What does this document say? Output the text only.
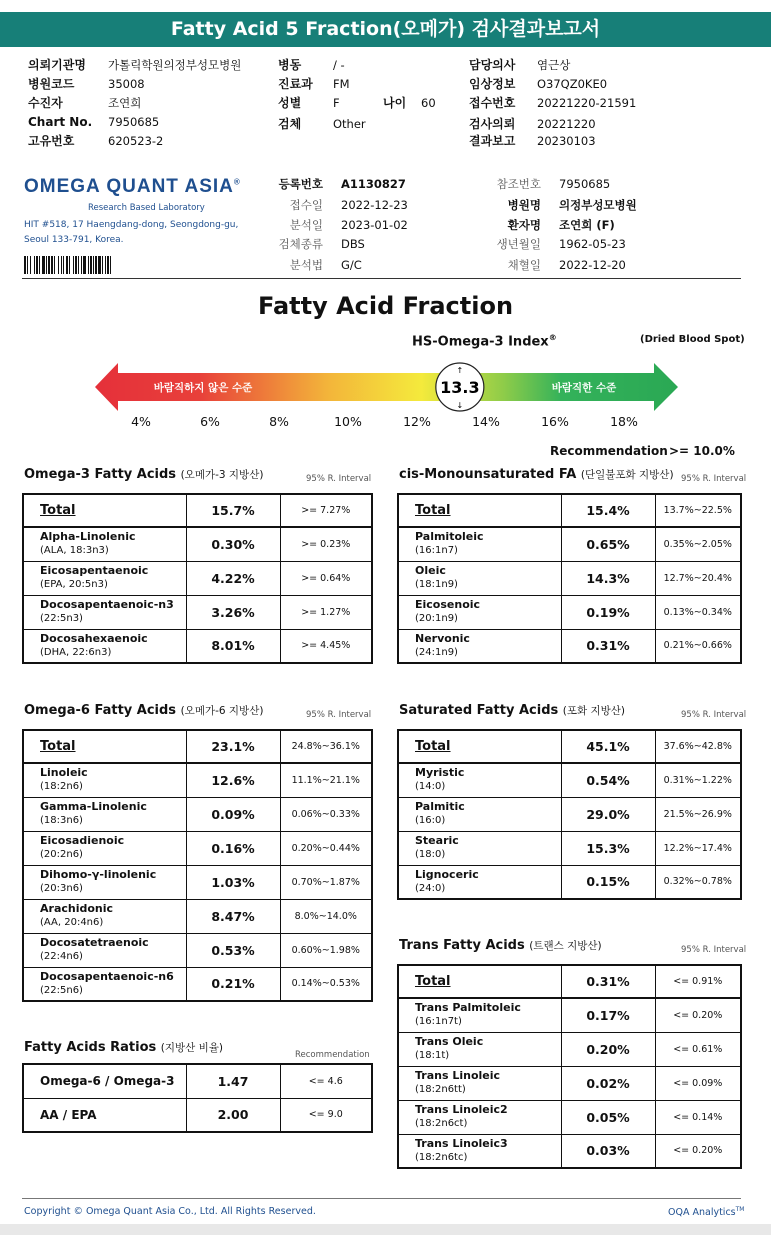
Fatty Acid 5 Fraction(오메가) 검사결과보고서
의뢰기관명 가톨릭학원의정부성모병원
병원코드	35008
수진자	조연희
Chart No. 7950685
고유번호	620523-2
병동	/ -
진료과 FM
성별	F
검체	Other
담당의사 염근상
임상정보 O37QZ0KE0
접수번호 20221220-21591
검사의뢰 20221220
결과보고 20230103
나이 60
OMEGA QUANT ASIA®
Research Based Laboratory
HIT #518, 17 Haengdang-dong, Seongdong-gu,
Seoul 133-791, Korea.
등록번호 A1130827
접수일 2022-12-23
분석일 2023-01-02
검체종류 DBS
분석법 G/C
참조번호 7950685
병원명 의정부성모병원
환자명 조연희 (F)
생년월일 1962-05-23
채혈일 2022-12-20
Fatty Acid Fraction
HS-Omega-3 Index®	(Dried Blood Spot)
바람직하지 않은 수준	바람직한 수준
13.3
↑
↓
4%	6%	8%	10%	12%	14%	16%	18%
Recommendation >= 10.0%
Omega-3 Fatty Acids (오메가-3 지방산)	95% R. Interval
Total	15.7%	>= 7.27%

Alpha-Linolenic
(ALA, 18:3n3)	0.30%	>= 0.23%

Eicosapentaenoic
(EPA, 20:5n3)	4.22%	>= 0.64%

Docosapentaenoic-n3
(22:5n3)	3.26%	>= 1.27%

Docosahexaenoic
(DHA, 22:6n3)	8.01%	>= 4.45%
cis-Monounsaturated FA (단일불포화 지방산) 95% R. Interval
Total	15.4%	13.7%~22.5%

Palmitoleic
(16:1n7)	0.65%	0.35%~2.05%

Oleic
(18:1n9)	14.3%	12.7%~20.4%

Eicosenoic
(20:1n9)	0.19%	0.13%~0.34%

Nervonic
(24:1n9)	0.31%	0.21%~0.66%
Omega-6 Fatty Acids (오메가-6 지방산)	95% R. Interval
Total	23.1%	24.8%~36.1%

Linoleic
(18:2n6)	12.6%	11.1%~21.1%

Gamma-Linolenic
(18:3n6)	0.09%	0.06%~0.33%

Eicosadienoic
(20:2n6)	0.16%	0.20%~0.44%

Dihomo-γ-linolenic
(20:3n6)	1.03%	0.70%~1.87%

Arachidonic
(AA, 20:4n6)	8.47%	8.0%~14.0%

Docosatetraenoic
(22:4n6)	0.53%	0.60%~1.98%

Docosapentaenoic-n6
(22:5n6)	0.21%	0.14%~0.53%
Saturated Fatty Acids (포화 지방산)	95% R. Interval
Total	45.1%	37.6%~42.8%

Myristic
(14:0)	0.54%	0.31%~1.22%

Palmitic
(16:0)	29.0%	21.5%~26.9%

Stearic
(18:0)	15.3%	12.2%~17.4%

Lignoceric
(24:0)	0.15%	0.32%~0.78%
Trans Fatty Acids (트랜스 지방산)	95% R. Interval
Total	0.31%	<= 0.91%

Trans Palmitoleic
(16:1n7t)	0.17%	<= 0.20%

Trans Oleic
(18:1t)	0.20%	<= 0.61%

Trans Linoleic
(18:2n6tt)	0.02%	<= 0.09%

Trans Linoleic2
(18:2n6ct)	0.05%	<= 0.14%

Trans Linoleic3
(18:2n6tc)	0.03%	<= 0.20%
Fatty Acids Ratios (지방산 비율)
Recommendation
Omega-6 / Omega-3	1.47	<= 4.6
AA / EPA	2.00	<= 9.0
Copyright © Omega Quant Asia Co., Ltd. All Rights Reserved.	OQA Analytics™
